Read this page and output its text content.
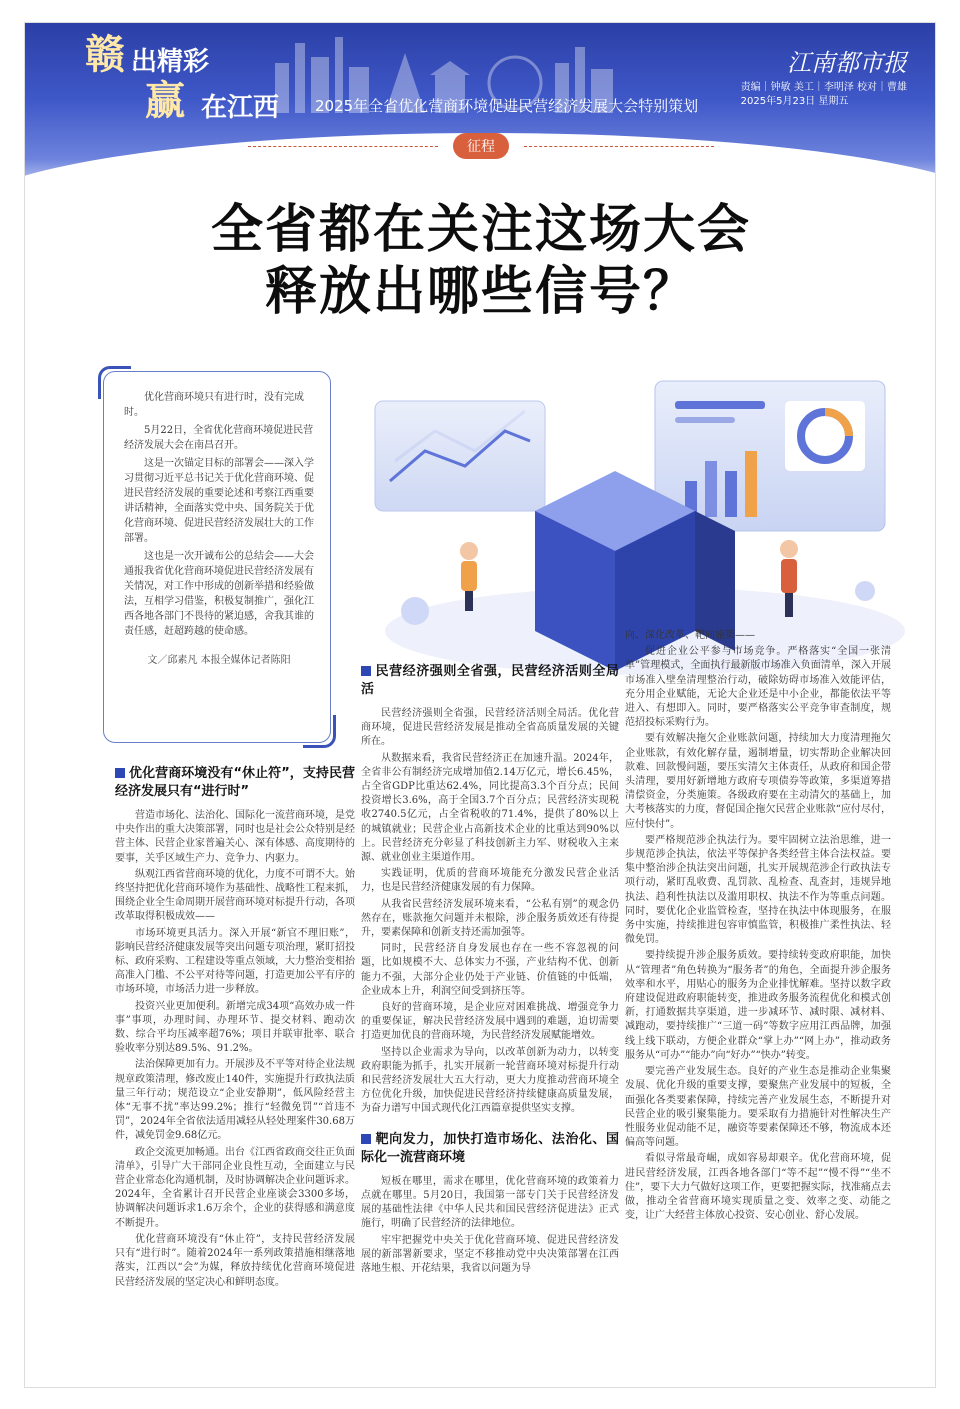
赣 出精彩
赢 在江西 2025年全省优化营商环境促进民营经济发展大会特别策划
江南都市报
责编｜钟敏 美工｜李明泽 校对｜曹雄
2025年5月23日 星期五
征程
全省都在关注这场大会
释放出哪些信号？

优化营商环境只有进行时，没有完成时。

5月22日，全省优化营商环境促进民营经济发展大会在南昌召开。

这是一次锚定目标的部署会——深入学习贯彻习近平总书记关于优化营商环境、促进民营经济发展的重要论述和考察江西重要讲话精神，全面落实党中央、国务院关于优化营商环境、促进民营经济发展壮大的工作部署。

这也是一次开诚布公的总结会——大会通报我省优化营商环境促进民营经济发展有关情况，对工作中形成的创新举措和经验做法，互相学习借鉴，积极复制推广，强化江西各地各部门不畏待的紧迫感，舍我其谁的责任感，赶超跨越的使命感。

文／邱素凡 本报全媒体记者陈阳

优化营商环境没有“休止符”，支持民营经济发展只有“进行时”

营造市场化、法治化、国际化一流营商环境，是党中央作出的重大决策部署，同时也是社会公众特别是经营主体、民营企业家普遍关心、深有体感、高度期待的要事，关乎区域生产力、竞争力、内驱力。

纵观江西省营商环境的优化，力度不可谓不大。始终坚持把优化营商环境作为基础性、战略性工程来抓，围绕企业全生命周期开展营商环境对标提升行动，各项改革取得积极成效——

市场环境更具活力。深入开展“新官不理旧账”，影响民营经济健康发展等突出问题专项治理，紧盯招投标、政府采购、工程建设等重点领域，大力整治变相抬高准入门槛、不公平对待等问题，打造更加公平有序的市场环境，市场活力进一步释放。

投资兴业更加便利。新增完成34项“高效办成一件事”事项，办理时间、办理环节、提交材料、跑动次数、综合平均压减率超76%；项目并联审批率、联合验收率分别达89.5%、91.2%。

法治保障更加有力。开展涉及不平等对待企业法规规章政策清理，修改废止140件，实施提升行政执法质量三年行动；规范设立“企业安静期”，低风险经营主体“无事不扰”率达99.2%；推行“轻微免罚”“首违不罚”，2024年全省依法适用减轻从轻处理案件30.68万件，减免罚金9.68亿元。

政企交流更加畅通。出台《江西省政商交往正负面清单》，引导广大干部同企业良性互动，全面建立与民营企业常态化沟通机制，及时协调解决企业问题诉求。2024年，全省累计召开民营企业座谈会3300多场，协调解决问题诉求1.6万余个，企业的获得感和满意度不断提升。

优化营商环境没有“休止符”，支持民营经济发展只有“进行时”。随着2024年一系列政策措施相继落地落实，江西以“会”为媒，释放持续优化营商环境促进民营经济发展的坚定决心和鲜明态度。

民营经济强则全省强，民营经济活则全局活

民营经济强则全省强，民营经济活则全局活。优化营商环境，促进民营经济发展是推动全省高质量发展的关键所在。

从数据来看，我省民营经济正在加速升温。2024年，全省非公有制经济完成增加值2.14万亿元，增长6.45%，占全省GDP比重达62.4%，同比提高3.3个百分点；民间投资增长3.6%，高于全国3.7个百分点；民营经济实现税收2740.5亿元，占全省税收的71.4%，提供了80%以上的城镇就业；民营企业占高新技术企业的比重达到90%以上。民营经济充分彰显了科技创新主力军、财税收入主来源、就业创业主渠道作用。

实践证明，优质的营商环境能充分激发民营企业活力，也是民营经济健康发展的有力保障。

从我省民营经济发展环境来看，“公私有别”的观念仍然存在，账款拖欠问题并未根除，涉企服务质效还有待提升，要素保障和创新支持还需加强等。

同时，民营经济自身发展也存在一些不容忽视的问题，比如规模不大、总体实力不强，产业结构不优、创新能力不强，大部分企业仍处于产业链、价值链的中低端，企业成本上升，利润空间受到挤压等。

良好的营商环境，是企业应对困难挑战、增强竞争力的重要保证，解决民营经济发展中遇到的难题，迫切需要打造更加优良的营商环境，为民营经济发展赋能增效。

坚持以企业需求为导向，以改革创新为动力，以转变政府职能为抓手，扎实开展新一轮营商环境对标提升行动和民营经济发展壮大五大行动，更大力度推动营商环境全方位优化升级，加快促进民营经济持续健康高质量发展，为奋力谱写中国式现代化江西篇章提供坚实支撑。

靶向发力，加快打造市场化、法治化、国际化一流营商环境

短板在哪里，需求在哪里，优化营商环境的政策着力点就在哪里。5月20日，我国第一部专门关于民营经济发展的基础性法律《中华人民共和国民营经济促进法》正式施行，明确了民营经济的法律地位。

牢牢把握党中央关于优化营商环境、促进民营经济发展的新部署新要求，坚定不移推动党中央决策部署在江西落地生根、开花结果，我省以问题为导

向、深化改革、靶向施策——

促进企业公平参与市场竞争。严格落实“全国一张清单”管理模式，全面执行最新版市场准入负面清单，深入开展市场准入壁垒清理整治行动，破除妨碍市场准入效能评估，充分用企业赋能，无论大企业还是中小企业，都能依法平等进入、有想即入。同时，要严格落实公平竞争审查制度，规范招投标采购行为。

要有效解决拖欠企业账款问题，持续加大力度清理拖欠企业账款，有效化解存量，遏制增量，切实帮助企业解决回款难、回款慢问题，要压实清欠主体责任，从政府和国企带头清理，要用好新增地方政府专项债券等政策，多渠道筹措清偿资金，分类施策。各级政府要在主动清欠的基础上，加大考核落实的力度，督促国企拖欠民营企业账款“应付尽付，应付快付”。

要严格规范涉企执法行为。要牢固树立法治思维，进一步规范涉企执法，依法平等保护各类经营主体合法权益。要集中整治涉企执法突出问题，扎实开展规范涉企行政执法专项行动，紧盯乱收费、乱罚款、乱检查、乱查封，违规异地执法、趋利性执法以及滥用职权、执法不作为等重点问题。同时，要优化企业监管检查，坚持在执法中体现服务，在服务中实施，持续推进包容审慎监管，积极推广柔性执法、轻微免罚。

要持续提升涉企服务质效。要持续转变政府职能，加快从“管理者”角色转换为“服务者”的角色，全面提升涉企服务效率和水平，用贴心的服务为企业排忧解难。坚持以数字政府建设促进政府职能转变，推进政务服务流程优化和模式创新，打通数据共享渠道，进一步减环节、减时限、减材料、减跑动，要持续推广“三道一码”等数字应用江西品牌，加强线上线下联动，方便企业群众“掌上办”“网上办”，推动政务服务从“可办”“能办”向“好办”“快办”转变。

要完善产业发展生态。良好的产业生态是推动企业集聚发展、优化升级的重要支撑，要聚焦产业发展中的短板，全面强化各类要素保障，持续完善产业发展生态，不断提升对民营企业的吸引聚集能力。要采取有力措施针对性解决生产性服务业促动能不足，融资等要素保障还不够，物流成本还偏高等问题。

看似寻常最奇崛，成如容易却艰辛。优化营商环境，促进民营经济发展，江西各地各部门“等不起”“慢不得”“坐不住”，要下大力气做好这项工作，更要把握实际，找准痛点去做，推动全省营商环境实现质量之变、效率之变、动能之变，让广大经营主体放心投资、安心创业、舒心发展。
